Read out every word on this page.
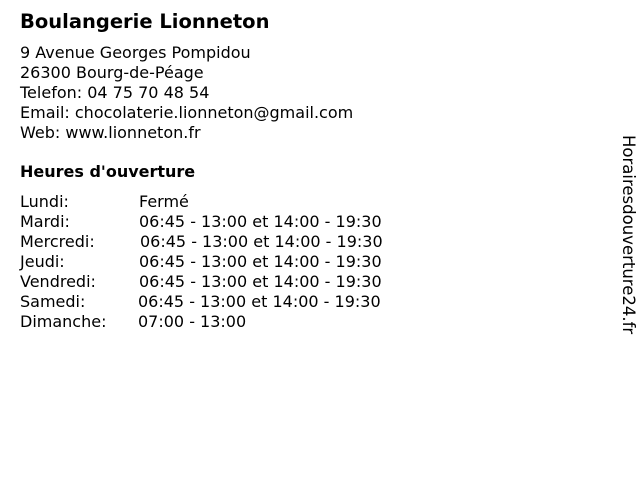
Boulangerie Lionneton
9 Avenue Georges Pompidou
26300 Bourg-de-Péage
Telefon: 04 75 70 48 54
Email: chocolaterie.lionneton@gmail.com
Web: www.lionneton.fr
Heures d'ouverture
Lundi:	Fermé
Mardi:	06:45 - 13:00 et 14:00 - 19:30
Mercredi:	06:45 - 13:00 et 14:00 - 19:30
Jeudi:	06:45 - 13:00 et 14:00 - 19:30
Vendredi:	06:45 - 13:00 et 14:00 - 19:30
Samedi:	06:45 - 13:00 et 14:00 - 19:30
Dimanche: 07:00 - 13:00	Horairesdouverture24.fr
